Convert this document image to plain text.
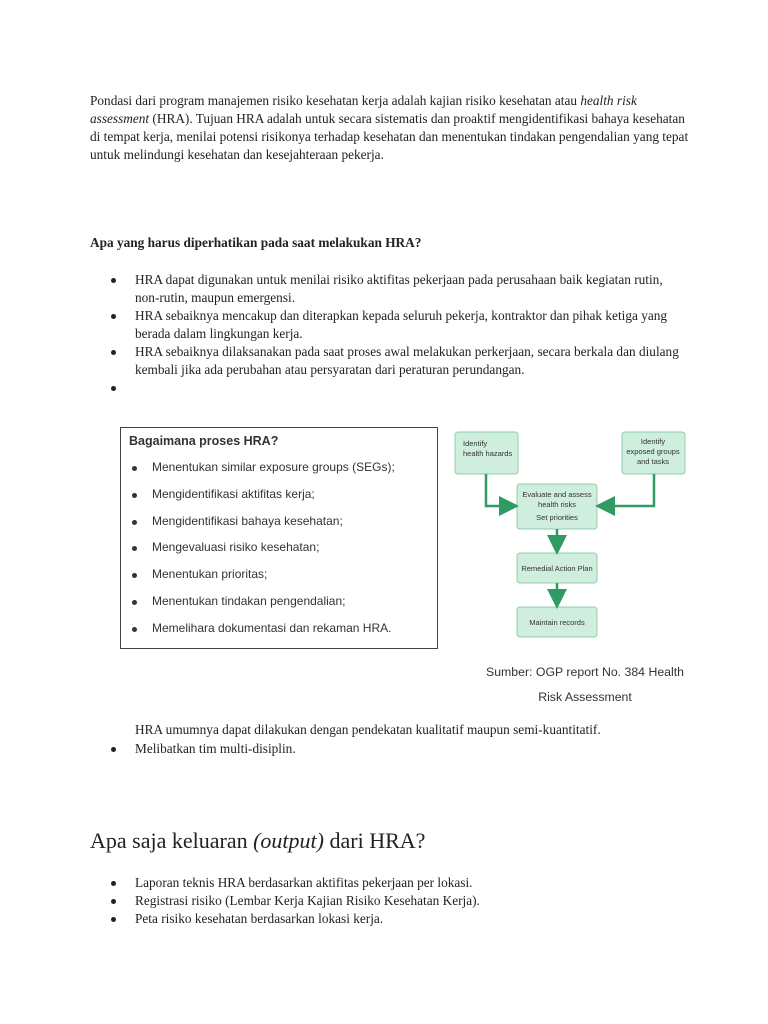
Pondasi dari program manajemen risiko kesehatan kerja adalah kajian risiko kesehatan atau health risk assessment (HRA). Tujuan HRA adalah untuk secara sistematis dan proaktif mengidentifikasi bahaya kesehatan di tempat kerja, menilai potensi risikonya terhadap kesehatan dan menentukan tindakan pengendalian yang tepat untuk melindungi kesehatan dan kesejahteraan pekerja.

Apa yang harus diperhatikan pada saat melakukan HRA?
HRA dapat digunakan untuk menilai risiko aktifitas pekerjaan pada perusahaan baik kegiatan rutin, non-rutin, maupun emergensi.
HRA sebaiknya mencakup dan diterapkan kepada seluruh pekerja, kontraktor dan pihak ketiga yang berada dalam lingkungan kerja.
HRA sebaiknya dilaksanakan pada saat proses awal melakukan perkerjaan, secara berkala dan diulang kembali jika ada perubahan atau persyaratan dari peraturan perundangan.
Bagaimana proses HRA?
Menentukan similar exposure groups (SEGs);
Mengidentifikasi aktifitas kerja;
Mengidentifikasi bahaya kesehatan;
Mengevaluasi risiko kesehatan;
Menentukan prioritas;
Menentukan tindakan pengendalian;
Memelihara dokumentasi dan rekaman HRA.
Identify
health hazards
Identify
exposed groups
and tasks
Evaluate and assess
health risks
Set priorities
Remedial Action Plan
Maintain records
Sumber: OGP report No. 384 Health
Risk Assessment
HRA umumnya dapat dilakukan dengan pendekatan kualitatif maupun semi-kuantitatif.
Melibatkan tim multi-disiplin.
Apa saja keluaran (output) dari HRA?
Laporan teknis HRA berdasarkan aktifitas pekerjaan per lokasi.
Registrasi risiko (Lembar Kerja Kajian Risiko Kesehatan Kerja).
Peta risiko kesehatan berdasarkan lokasi kerja.
